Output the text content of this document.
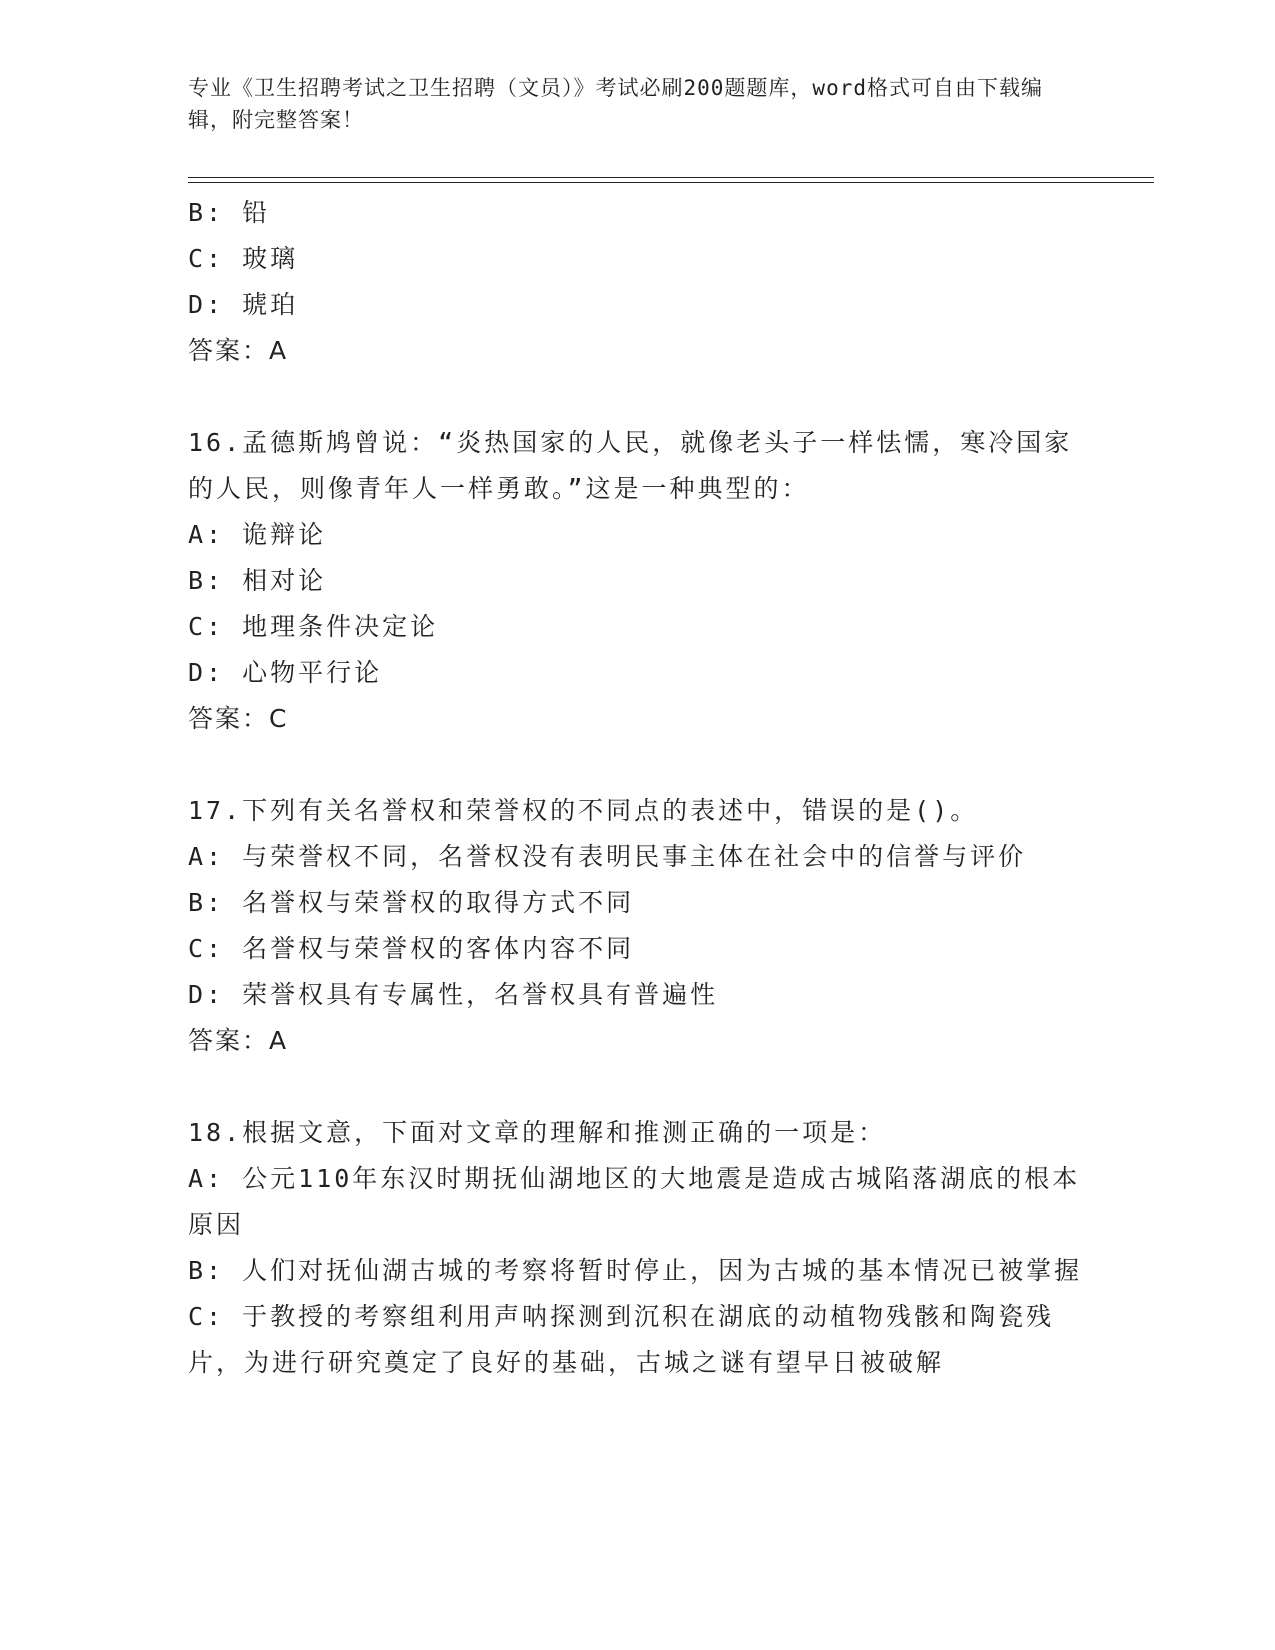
专业《卫生招聘考试之卫生招聘（文员）》考试必刷200题题库，word格式可自由下载编辑，附完整答案！
B: 铅
C: 玻璃
D: 琥珀
答案：A
16.孟德斯鸠曾说：“炎热国家的人民，就像老头子一样怯懦，寒冷国家的人民，则像青年人一样勇敢。”这是一种典型的：
A: 诡辩论
B: 相对论
C: 地理条件决定论
D: 心物平行论
答案：C
17.下列有关名誉权和荣誉权的不同点的表述中，错误的是()。
A: 与荣誉权不同，名誉权没有表明民事主体在社会中的信誉与评价
B: 名誉权与荣誉权的取得方式不同
C: 名誉权与荣誉权的客体内容不同
D: 荣誉权具有专属性，名誉权具有普遍性
答案：A
18.根据文意，下面对文章的理解和推测正确的一项是：
A: 公元110年东汉时期抚仙湖地区的大地震是造成古城陷落湖底的根本原因
B: 人们对抚仙湖古城的考察将暂时停止，因为古城的基本情况已被掌握
C: 于教授的考察组利用声呐探测到沉积在湖底的动植物残骸和陶瓷残片，为进行研究奠定了良好的基础，古城之谜有望早日被破解
